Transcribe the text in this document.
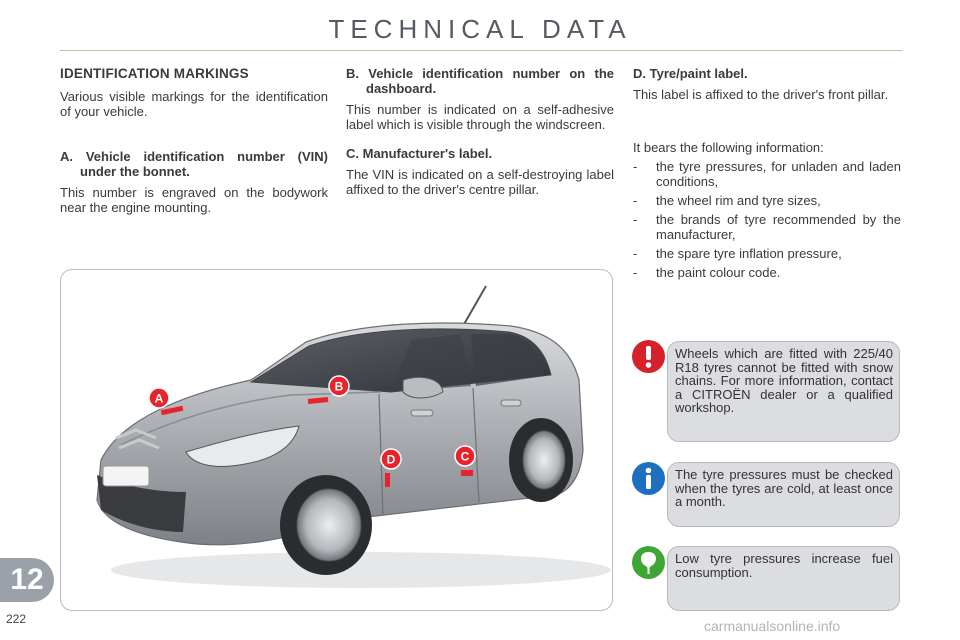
TECHNICAL DATA
IDENTIFICATION MARKINGS

Various visible markings for the identification of your vehicle.

A. Vehicle identification number (VIN) under the bonnet.

This number is engraved on the bodywork near the engine mounting.

B. Vehicle identification number on the dashboard.

This number is indicated on a self-adhesive label which is visible through the windscreen.

C. Manufacturer's label.

The VIN is indicated on a self-destroying label affixed to the driver's centre pillar.

D. Tyre/paint label.

This label is affixed to the driver's front pillar.

It bears the following information:

- the tyre pressures, for unladen and laden conditions,
- the wheel rim and tyre sizes,
- the brands of tyre recommended by the manufacturer,
- the spare tyre inflation pressure,
- the paint colour code.
A
B
C
D
Wheels which are fitted with 225/40 R18 tyres cannot be fitted with snow chains. For more information, contact a CITROËN dealer or a qualified workshop.
The tyre pressures must be checked when the tyres are cold, at least once a month.
Low tyre pressures increase fuel consumption.
12
222	carmanualsonline.info
